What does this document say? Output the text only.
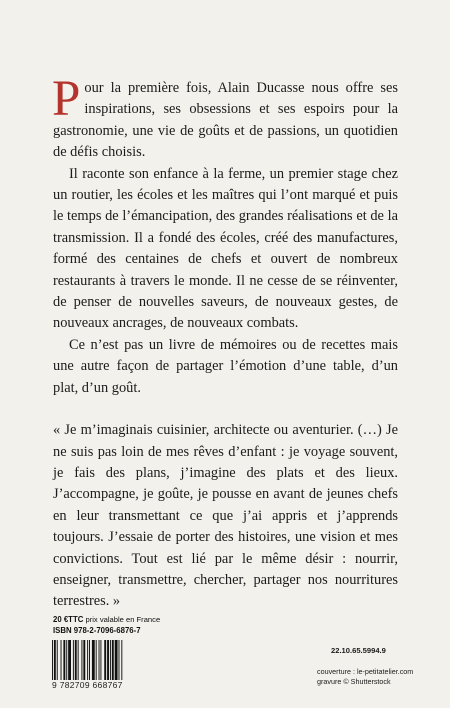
Pour la première fois, Alain Ducasse nous offre ses inspirations, ses obsessions et ses espoirs pour la gastronomie, une vie de goûts et de passions, un quotidien de défis choisis.

Il raconte son enfance à la ferme, un premier stage chez un routier, les écoles et les maîtres qui l’ont marqué et puis le temps de l’émancipation, des grandes réalisations et de la transmission. Il a fondé des écoles, créé des manufactures, formé des centaines de chefs et ouvert de nombreux restaurants à travers le monde. Il ne cesse de se réinventer, de penser de nouvelles saveurs, de nouveaux gestes, de nouveaux ancrages, de nouveaux combats.

Ce n’est pas un livre de mémoires ou de recettes mais une autre façon de partager l’émotion d’une table, d’un plat, d’un goût.

« Je m’imaginais cuisinier, architecte ou aventurier. (…) Je ne suis pas loin de mes rêves d’enfant : je voyage souvent, je fais des plans, j’imagine des plats et des lieux. J’accompagne, je goûte, je pousse en avant de jeunes chefs en leur transmettant ce que j’ai appris et j’apprends toujours. J’essaie de porter des histoires, une vision et mes convictions. Tout est lié par le même désir : nourrir, enseigner, transmettre, chercher, partager nos nourritures terrestres. »

20 €TTC prix valable en France
ISBN 978-2-7096-6876-7
9 782709 668767
22.10.65.5994.9
couverture : le-petitatelier.com
gravure © Shutterstock
